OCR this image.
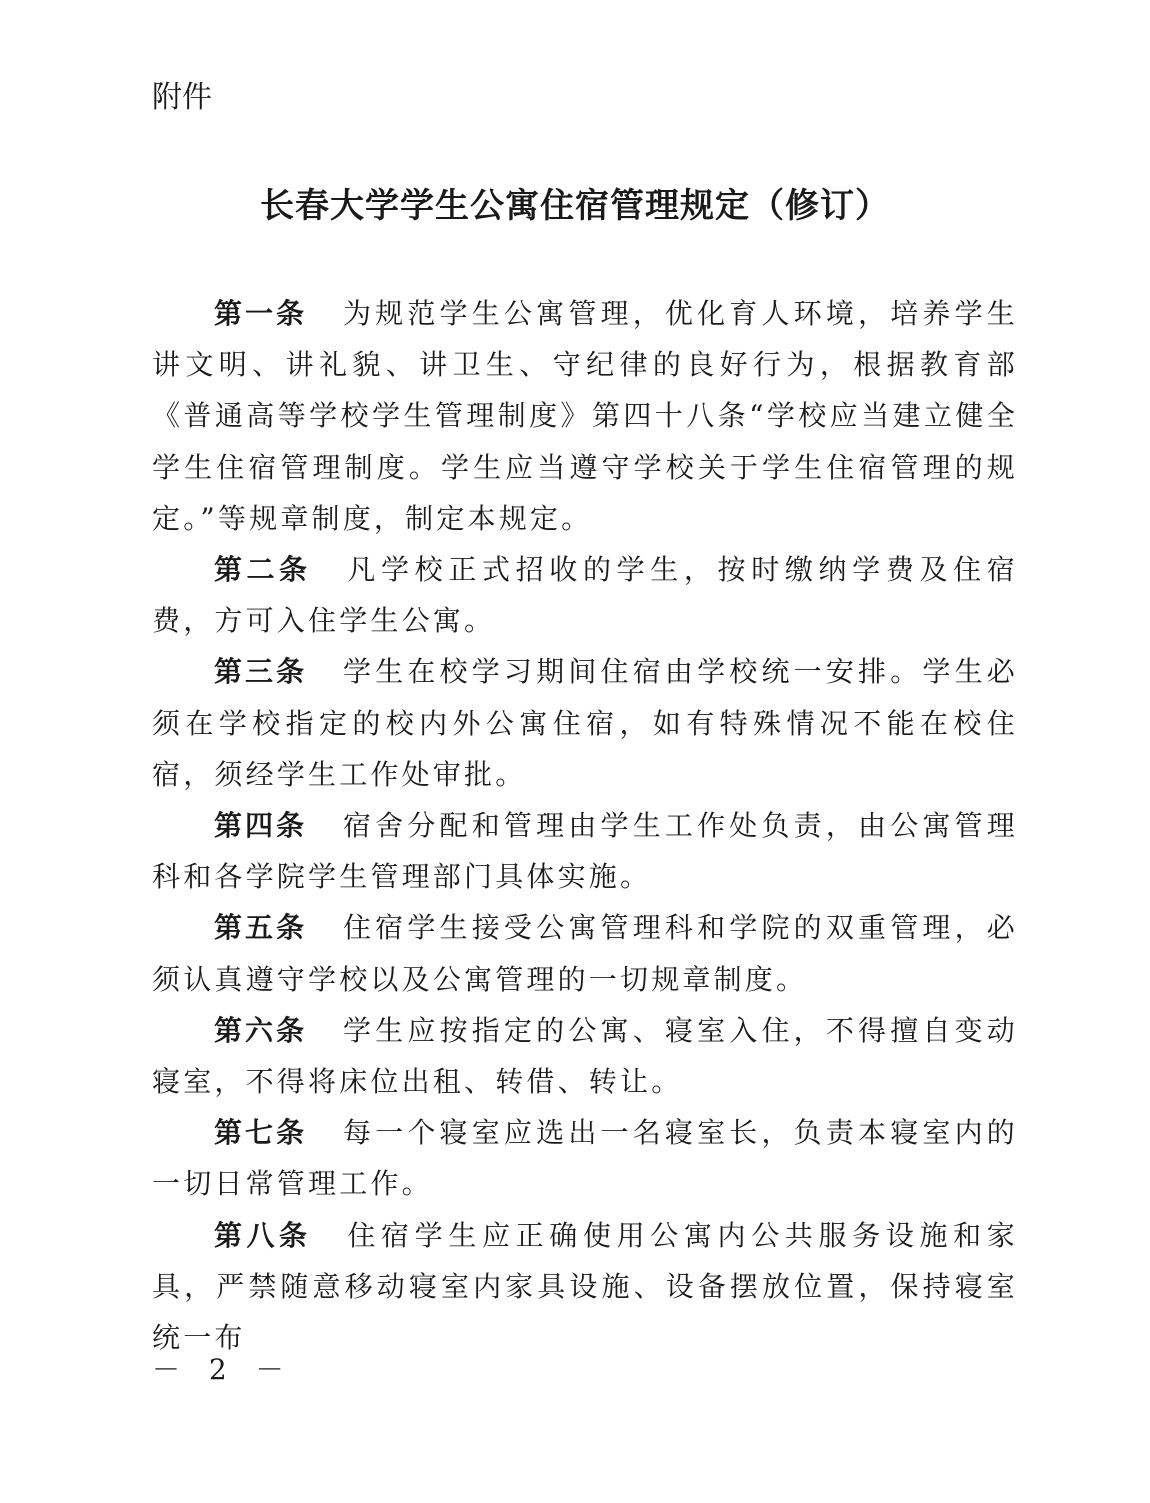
附件
长春大学学生公寓住宿管理规定（修订）

第一条 为规范学生公寓管理，优化育人环境，培养学生讲文明、讲礼貌、讲卫生、守纪律的良好行为，根据教育部《普通高等学校学生管理制度》第四十八条“学校应当建立健全学生住宿管理制度。学生应当遵守学校关于学生住宿管理的规定。”等规章制度，制定本规定。

第二条 凡学校正式招收的学生，按时缴纳学费及住宿费，方可入住学生公寓。

第三条 学生在校学习期间住宿由学校统一安排。学生必须在学校指定的校内外公寓住宿，如有特殊情况不能在校住宿，须经学生工作处审批。

第四条 宿舍分配和管理由学生工作处负责，由公寓管理科和各学院学生管理部门具体实施。

第五条 住宿学生接受公寓管理科和学院的双重管理，必须认真遵守学校以及公寓管理的一切规章制度。

第六条 学生应按指定的公寓、寝室入住，不得擅自变动寝室，不得将床位出租、转借、转让。

第七条 每一个寝室应选出一名寝室长，负责本寝室内的一切日常管理工作。

第八条 住宿学生应正确使用公寓内公共服务设施和家具，严禁随意移动寝室内家具设施、设备摆放位置，保持寝室统一布

－ 2 －
